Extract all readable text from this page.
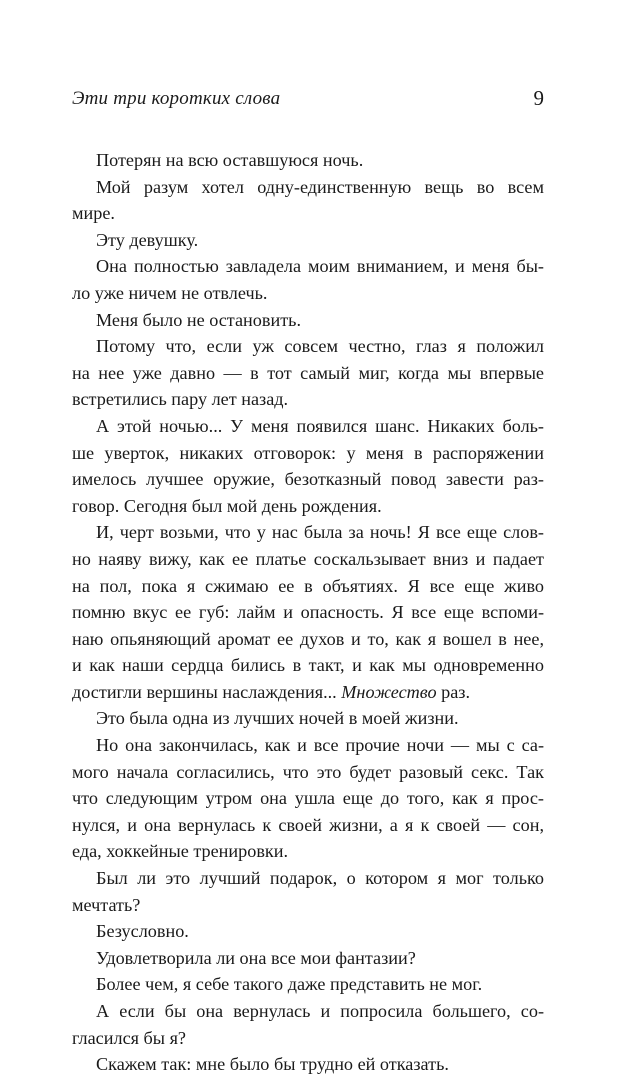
Эти три коротких слова	9
Потерян на всю оставшуюся ночь.
Мой разум хотел одну-единственную вещь во всем
мире.
Эту девушку.
Она полностью завладела моим вниманием, и меня бы-
ло уже ничем не отвлечь.
Меня было не остановить.
Потому что, если уж совсем честно, глаз я положил
на нее уже давно — в тот самый миг, когда мы впервые
встретились пару лет назад.
А этой ночью... У меня появился шанс. Никаких боль-
ше уверток, никаких отговорок: у меня в распоряжении
имелось лучшее оружие, безотказный повод завести раз-
говор. Сегодня был мой день рождения.
И, черт возьми, что у нас была за ночь! Я все еще слов-
но наяву вижу, как ее платье соскальзывает вниз и падает
на пол, пока я сжимаю ее в объятиях. Я все еще живо
помню вкус ее губ: лайм и опасность. Я все еще вспоми-
наю опьяняющий аромат ее духов и то, как я вошел в нее,
и как наши сердца бились в такт, и как мы одновременно
достигли вершины наслаждения... Множество раз.
Это была одна из лучших ночей в моей жизни.
Но она закончилась, как и все прочие ночи — мы с са-
мого начала согласились, что это будет разовый секс. Так
что следующим утром она ушла еще до того, как я прос-
нулся, и она вернулась к своей жизни, а я к своей — сон,
еда, хоккейные тренировки.
Был ли это лучший подарок, о котором я мог только
мечтать?
Безусловно.
Удовлетворила ли она все мои фантазии?
Более чем, я себе такого даже представить не мог.
А если бы она вернулась и попросила большего, со-
гласился бы я?
Скажем так: мне было бы трудно ей отказать.
